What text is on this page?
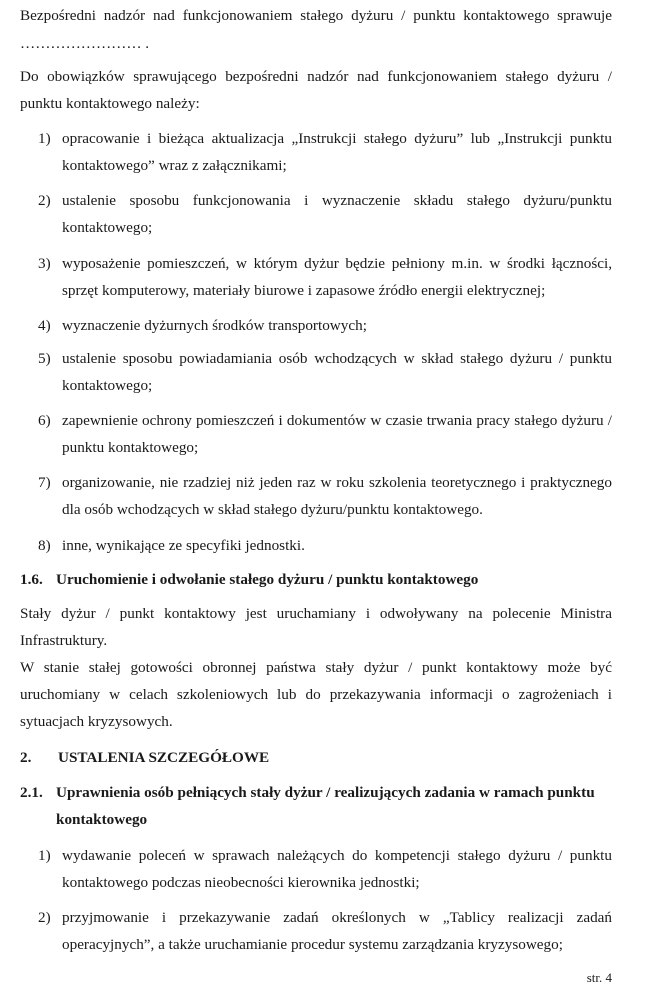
Bezpośredni nadzór nad funkcjonowaniem stałego dyżuru / punktu kontaktowego sprawuje

…………………… .

Do obowiązków sprawującego bezpośredni nadzór nad funkcjonowaniem stałego dyżuru / punktu kontaktowego należy:

1) opracowanie i bieżąca aktualizacja „Instrukcji stałego dyżuru” lub „Instrukcji punktu kontaktowego” wraz z załącznikami;
2) ustalenie sposobu funkcjonowania i wyznaczenie składu stałego dyżuru/punktu kontaktowego;
3) wyposażenie pomieszczeń, w którym dyżur będzie pełniony m.in. w środki łączności, sprzęt komputerowy, materiały biurowe i zapasowe źródło energii elektrycznej;
4) wyznaczenie dyżurnych środków transportowych;
5) ustalenie sposobu powiadamiania osób wchodzących w skład stałego dyżuru / punktu kontaktowego;
6) zapewnienie ochrony pomieszczeń i dokumentów w czasie trwania pracy stałego dyżuru / punktu kontaktowego;
7) organizowanie, nie rzadziej niż jeden raz w roku szkolenia teoretycznego i praktycznego dla osób wchodzących w skład stałego dyżuru/punktu kontaktowego.
8) inne, wynikające ze specyfiki jednostki.
1.6. Uruchomienie i odwołanie stałego dyżuru / punktu kontaktowego

Stały dyżur / punkt kontaktowy jest uruchamiany i odwoływany na polecenie Ministra Infrastruktury.

W stanie stałej gotowości obronnej państwa stały dyżur / punkt kontaktowy może być uruchomiany w celach szkoleniowych lub do przekazywania informacji o zagrożeniach i sytuacjach kryzysowych.

2. USTALENIA SZCZEGÓŁOWE
2.1. Uprawnienia osób pełniących stały dyżur / realizujących zadania w ramach punktu kontaktowego
1) wydawanie poleceń w sprawach należących do kompetencji stałego dyżuru / punktu kontaktowego podczas nieobecności kierownika jednostki;
2) przyjmowanie i przekazywanie zadań określonych w „Tablicy realizacji zadań operacyjnych”, a także uruchamianie procedur systemu zarządzania kryzysowego;
str. 4
